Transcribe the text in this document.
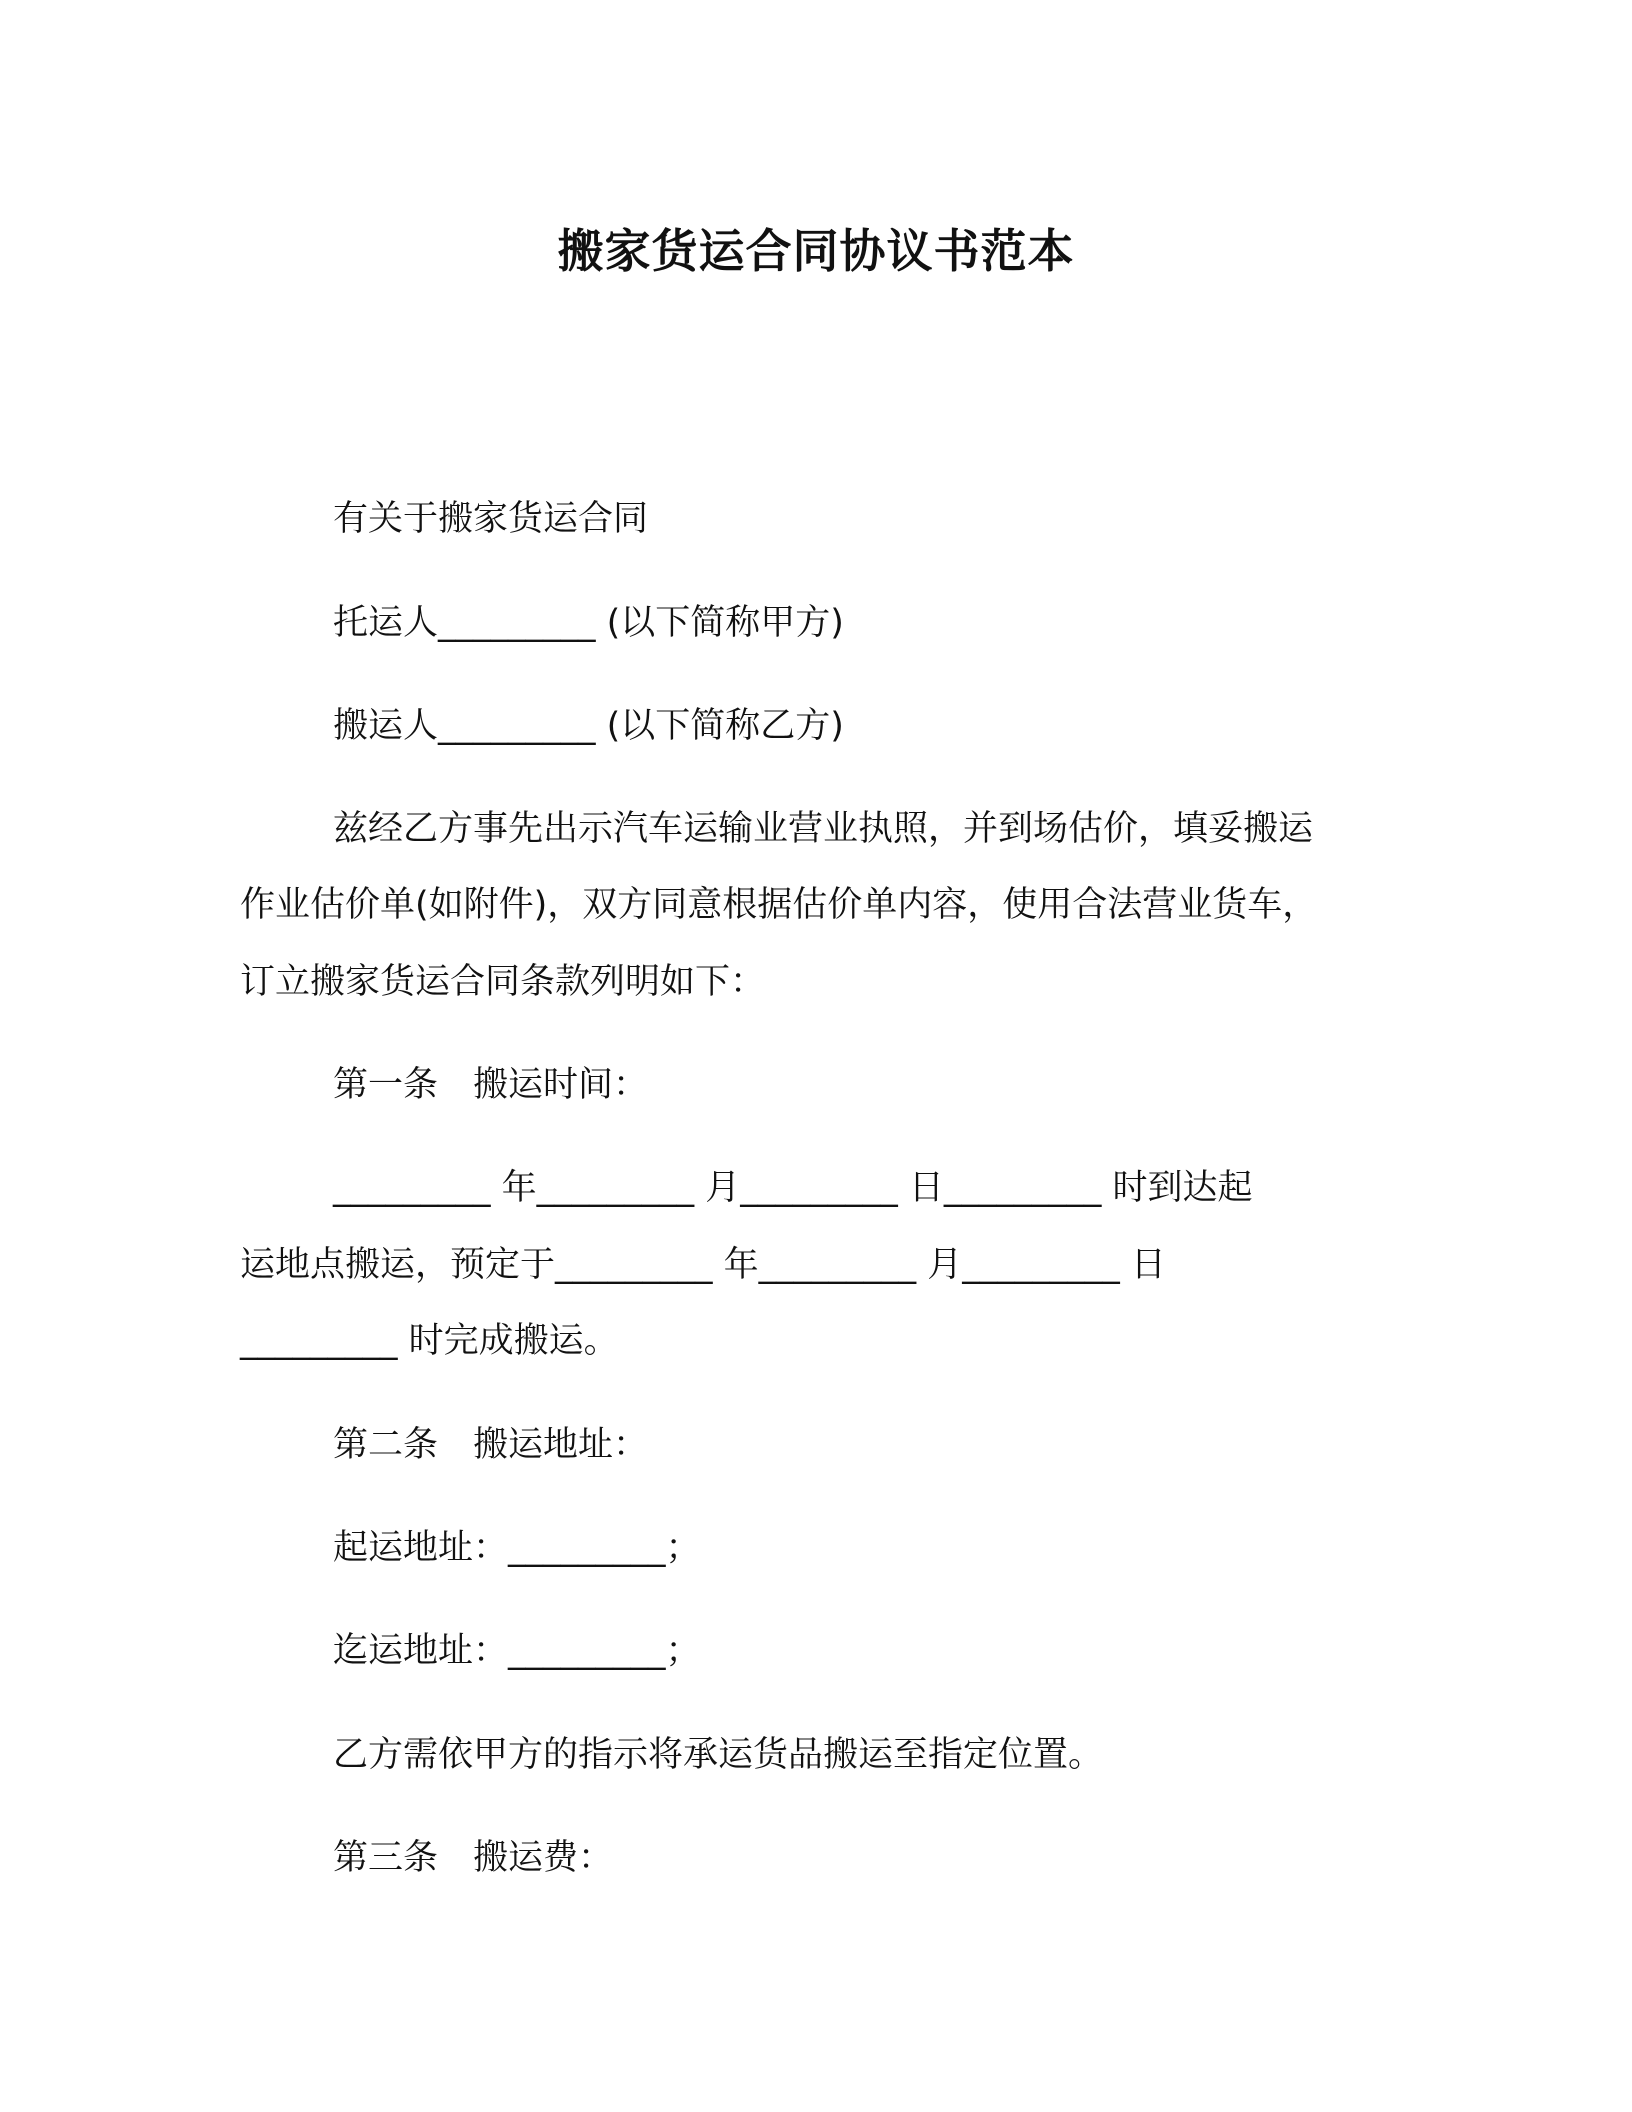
搬家货运合同协议书范本
有关于搬家货运合同
托运人_________ (以下简称甲方)
搬运人_________ (以下简称乙方)
兹经乙方事先出示汽车运输业营业执照，并到场估价，填妥搬运
作业估价单(如附件)，双方同意根据估价单内容，使用合法营业货车，
订立搬家货运合同条款列明如下：
第一条　搬运时间：
_________ 年_________ 月_________ 日_________ 时到达起
运地点搬运，预定于_________ 年_________ 月_________ 日
_________ 时完成搬运。
第二条　搬运地址：
起运地址：_________；
迄运地址：_________；
乙方需依甲方的指示将承运货品搬运至指定位置。
第三条　搬运费：
